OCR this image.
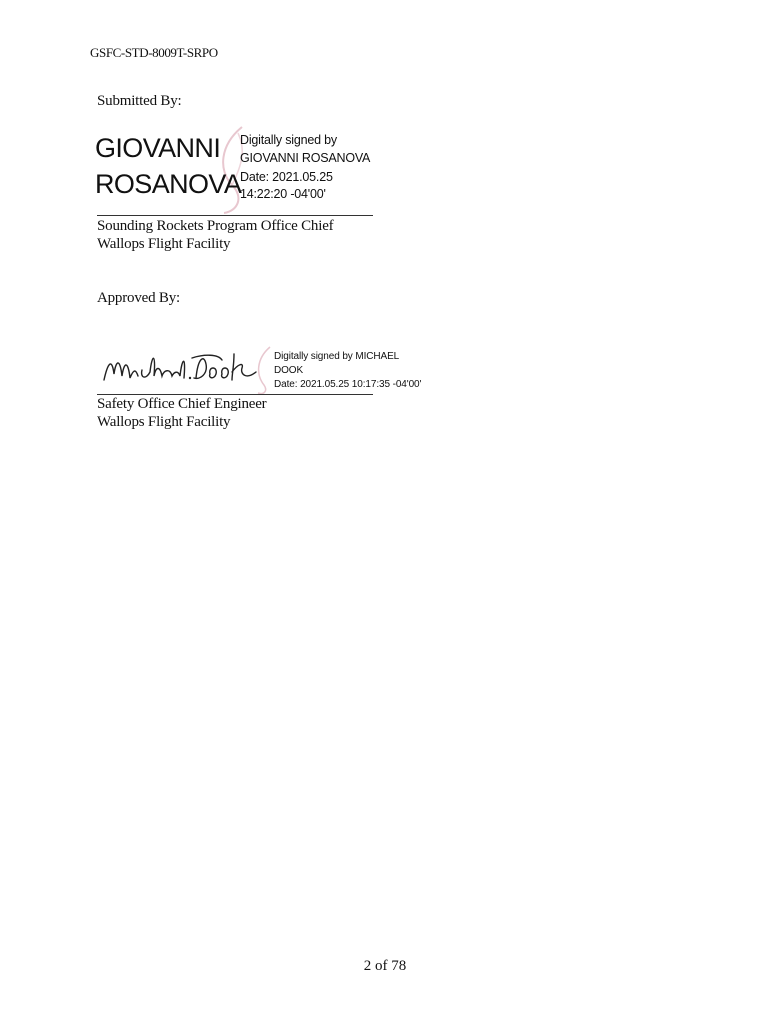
GSFC-STD-8009T-SRPO
Submitted By:
GIOVANNI
ROSANOVA
Digitally signed by
GIOVANNI ROSANOVA
Date: 2021.05.25
14:22:20 -04'00'
Sounding Rockets Program Office Chief
Wallops Flight Facility
Approved By:
Digitally signed by MICHAEL
DOOK
Date: 2021.05.25 10:17:35 -04'00'
Safety Office Chief Engineer
Wallops Flight Facility
2 of 78
